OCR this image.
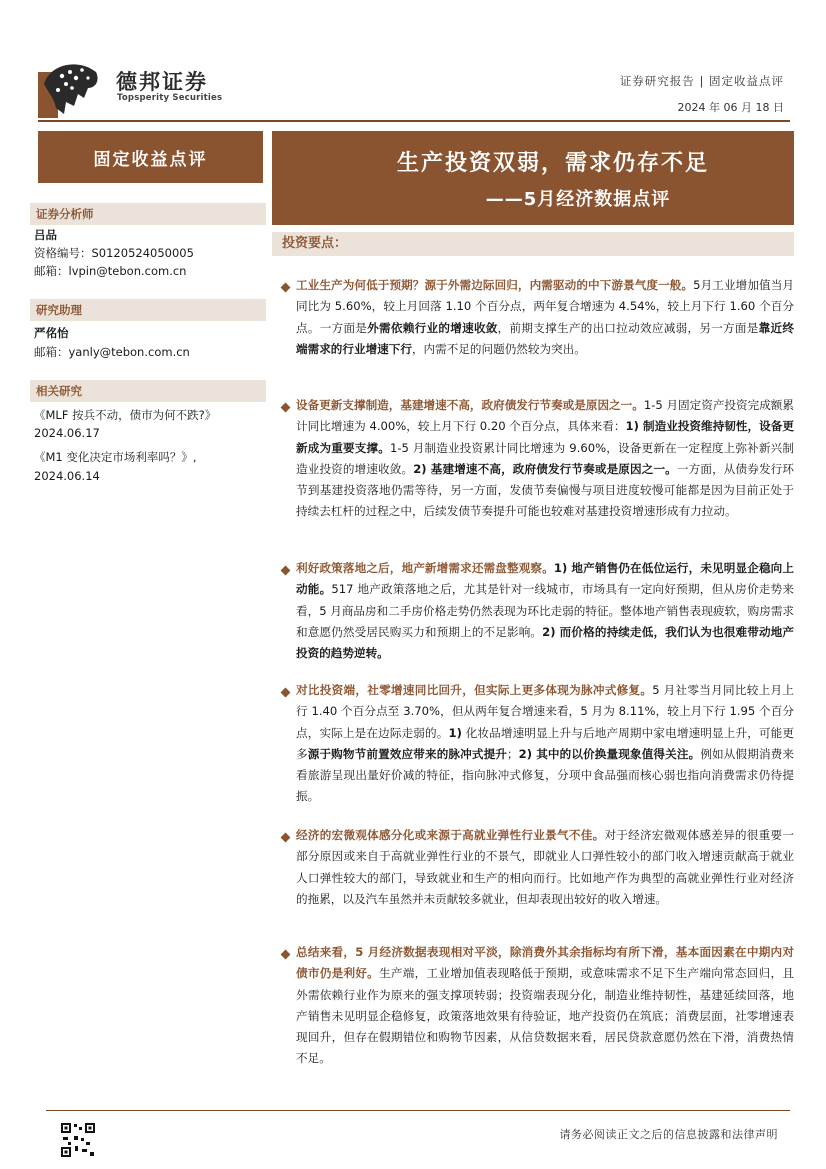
德邦证券
Topsperity Securities
证券研究报告 | 固定收益点评
2024 年 06 月 18 日
固定收益点评	生产投资双弱，需求仍存不足
——5月经济数据点评
证券分析师
吕品
资格编号：S0120524050005
邮箱：lvpin@tebon.com.cn
研究助理
严佲怡
邮箱：yanly@tebon.com.cn
相关研究
《MLF 按兵不动，债市为何不跌?》
2024.06.17
《M1 变化决定市场利率吗？》,
2024.06.14
投资要点：
工业生产为何低于预期？源于外需边际回归，内需驱动的中下游景气度一般。5月工业增加值当月同比为 5.60%，较上月回落 1.10 个百分点，两年复合增速为 4.54%，较上月下行 1.60 个百分点。一方面是外需依赖行业的增速收敛，前期支撑生产的出口拉动效应减弱，另一方面是靠近终端需求的行业增速下行，内需不足的问题仍然较为突出。
设备更新支撑制造，基建增速不高，政府债发行节奏或是原因之一。1-5 月固定资产投资完成额累计同比增速为 4.00%，较上月下行 0.20 个百分点，具体来看：1) 制造业投资维持韧性，设备更新成为重要支撑。1-5 月制造业投资累计同比增速为 9.60%，设备更新在一定程度上弥补新兴制造业投资的增速收敛。2) 基建增速不高，政府债发行节奏或是原因之一。一方面，从债券发行环节到基建投资落地仍需等待，另一方面，发债节奏偏慢与项目进度较慢可能都是因为目前正处于持续去杠杆的过程之中，后续发债节奏提升可能也较难对基建投资增速形成有力拉动。
利好政策落地之后，地产新增需求还需盘整观察。1) 地产销售仍在低位运行，未见明显企稳向上动能。517 地产政策落地之后，尤其是针对一线城市，市场具有一定向好预期，但从房价走势来看，5 月商品房和二手房价格走势仍然表现为环比走弱的特征。整体地产销售表现疲软，购房需求和意愿仍然受居民购买力和预期上的不足影响。2) 而价格的持续走低，我们认为也很难带动地产投资的趋势逆转。
对比投资端，社零增速同比回升，但实际上更多体现为脉冲式修复。5 月社零当月同比较上月上行 1.40 个百分点至 3.70%，但从两年复合增速来看，5 月为 8.11%，较上月下行 1.95 个百分点，实际上是在边际走弱的。1) 化妆品增速明显上升与后地产周期中家电增速明显上升，可能更多源于购物节前置效应带来的脉冲式提升；2) 其中的以价换量现象值得关注。例如从假期消费来看旅游呈现出量好价减的特征，指向脉冲式修复，分项中食品强而核心弱也指向消费需求仍待提振。
经济的宏微观体感分化或来源于高就业弹性行业景气不佳。对于经济宏微观体感差异的很重要一部分原因或来自于高就业弹性行业的不景气，即就业人口弹性较小的部门收入增速贡献高于就业人口弹性较大的部门，导致就业和生产的相向而行。比如地产作为典型的高就业弹性行业对经济的拖累，以及汽车虽然并未贡献较多就业，但却表现出较好的收入增速。
总结来看，5 月经济数据表现相对平淡，除消费外其余指标均有所下滑，基本面因素在中期内对债市仍是利好。生产端，工业增加值表现略低于预期，或意味需求不足下生产端向常态回归，且外需依赖行业作为原来的强支撑项转弱；投资端表现分化，制造业维持韧性，基建延续回落，地产销售未见明显企稳修复，政策落地效果有待验证，地产投资仍在筑底；消费层面，社零增速表现回升，但存在假期错位和购物节因素，从信贷数据来看，居民贷款意愿仍然在下滑，消费热情不足。
请务必阅读正文之后的信息披露和法律声明
